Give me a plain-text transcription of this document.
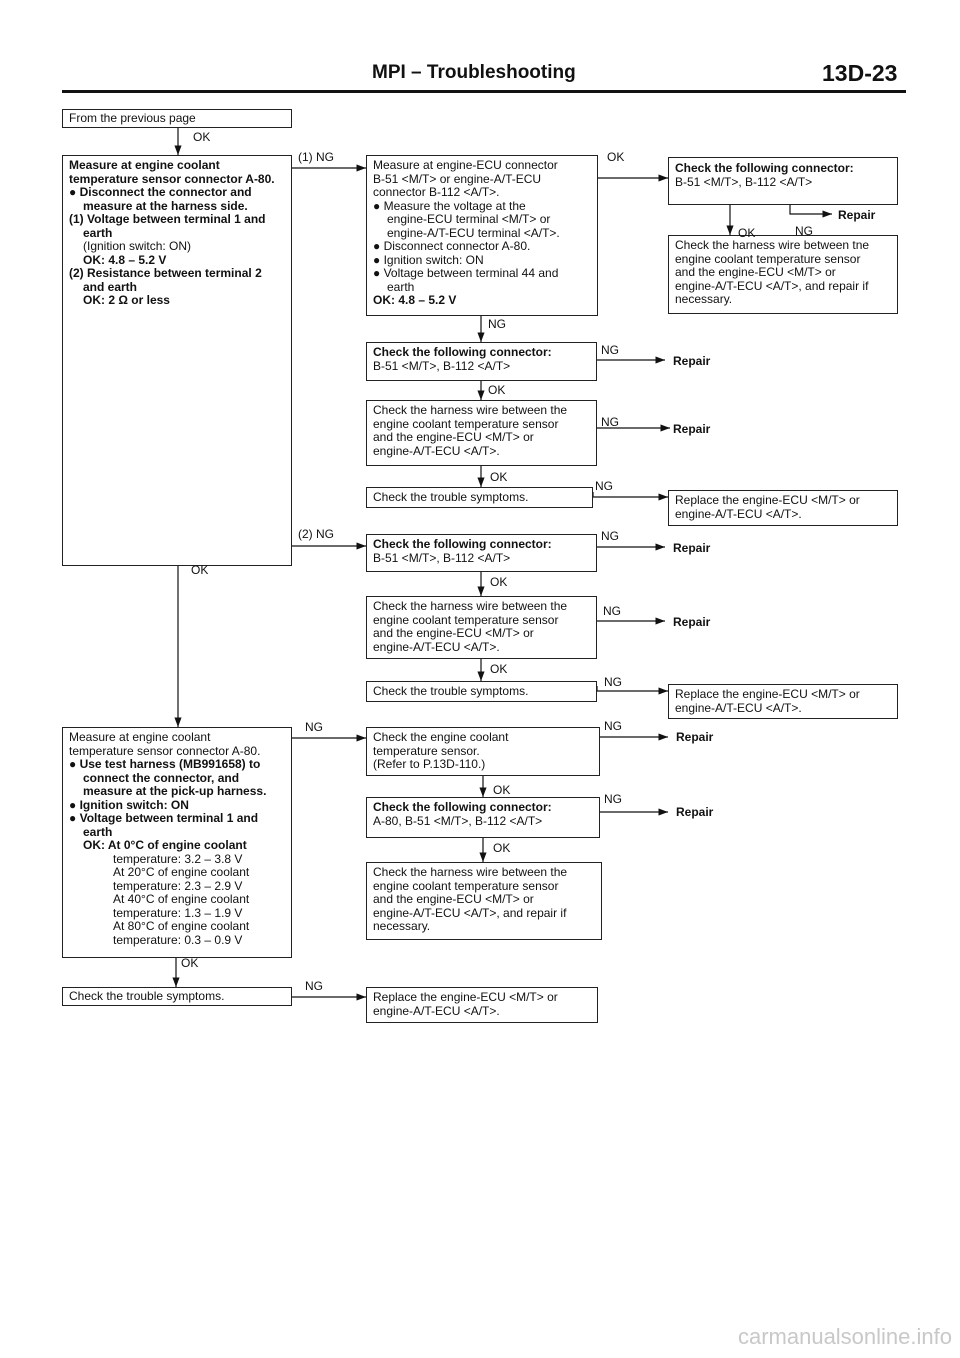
MPI – Troubleshooting	13D-23
From the previous page
Measure at engine coolant
temperature sensor connector A-80.
● Disconnect the connector and
measure at the harness side.
(1) Voltage between terminal 1 and
earth
(Ignition switch: ON)
OK: 4.8 – 5.2 V
(2) Resistance between terminal 2
and earth
OK: 2 Ω or less
Measure at engine coolant
temperature sensor connector A-80.
● Use test harness (MB991658) to
connect the connector, and
measure at the pick-up harness.
● Ignition switch: ON
● Voltage between terminal 1 and
earth
OK: At 0°C of engine coolant
temperature: 3.2 – 3.8 V
At 20°C of engine coolant
temperature: 2.3 – 2.9 V
At 40°C of engine coolant
temperature: 1.3 – 1.9 V
At 80°C of engine coolant
temperature: 0.3 – 0.9 V
Check the trouble symptoms.
Measure at engine-ECU connector
B-51 <M/T> or engine-A/T-ECU
connector B-112 <A/T>.
● Measure the voltage at the
engine-ECU terminal <M/T> or
engine-A/T-ECU terminal <A/T>.
● Disconnect connector A-80.
● Ignition switch: ON
● Voltage between terminal 44 and
earth
OK: 4.8 – 5.2 V
Check the following connector:
B-51 <M/T>, B-112 <A/T>
Check the harness wire between the
engine coolant temperature sensor
and the engine-ECU <M/T> or
engine-A/T-ECU <A/T>.
Check the trouble symptoms.
Check the following connector:
B-51 <M/T>, B-112 <A/T>
Check the harness wire between the
engine coolant temperature sensor
and the engine-ECU <M/T> or
engine-A/T-ECU <A/T>.
Check the trouble symptoms.
Check the engine coolant
temperature sensor.
(Refer to P.13D-110.)
Check the following connector:
A-80, B-51 <M/T>, B-112 <A/T>
Check the harness wire between the
engine coolant temperature sensor
and the engine-ECU <M/T> or
engine-A/T-ECU <A/T>, and repair if
necessary.
Replace the engine-ECU <M/T> or
engine-A/T-ECU <A/T>.
Check the following connector:
B-51 <M/T>, B-112 <A/T>
Check the harness wire between tne
engine coolant temperature sensor
and the engine-ECU <M/T> or
engine-A/T-ECU <A/T>, and repair if
necessary.
Replace the engine-ECU <M/T> or
engine-A/T-ECU <A/T>.
Replace the engine-ECU <M/T> or
engine-A/T-ECU <A/T>.
OK
(1) NG	OK
OK	NG
NG
NG
OK
NG
OK
NG
(2) NG	NG
OK
OK
NG
OK
NG
NG	NG
OK
NG
OK
OK
NG
Repair
Repair
Repair
Repair
Repair
Repair
Repair
carmanualsonline.info
